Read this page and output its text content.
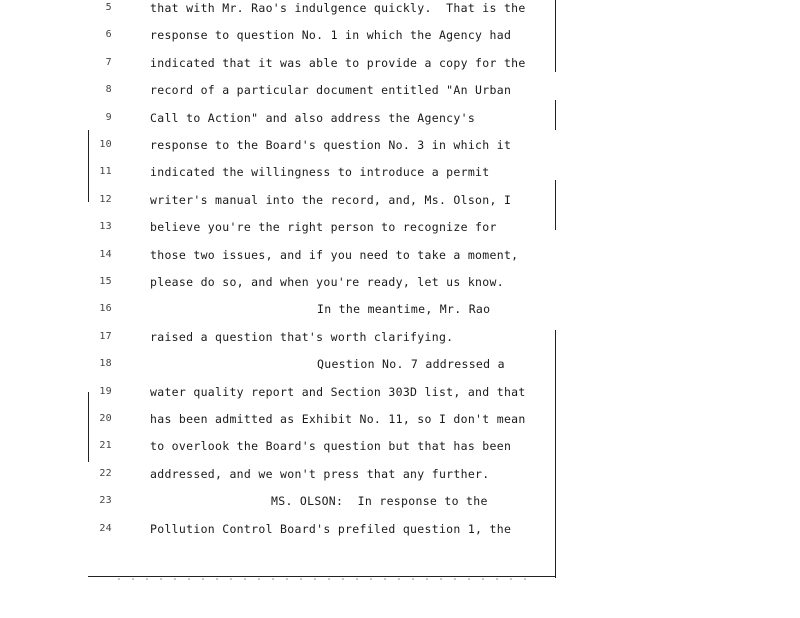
5	that with Mr. Rao's indulgence quickly.  That is the
6	response to question No. 1 in which the Agency had
7	indicated that it was able to provide a copy for the
8	record of a particular document entitled "An Urban
9	Call to Action" and also address the Agency's
10	response to the Board's question No. 3 in which it
11	indicated the willingness to introduce a permit
12	writer's manual into the record, and, Ms. Olson, I
13	believe you're the right person to recognize for
14	those two issues, and if you need to take a moment,
15	please do so, and when you're ready, let us know.
16	In the meantime, Mr. Rao
17	raised a question that's worth clarifying.
18	Question No. 7 addressed a
19	water quality report and Section 303D list, and that
20	has been admitted as Exhibit No. 11, so I don't mean
21	to overlook the Board's question but that has been
22	addressed, and we won't press that any further.
23	MS. OLSON:  In response to the
24	Pollution Control Board's prefiled question 1, the
